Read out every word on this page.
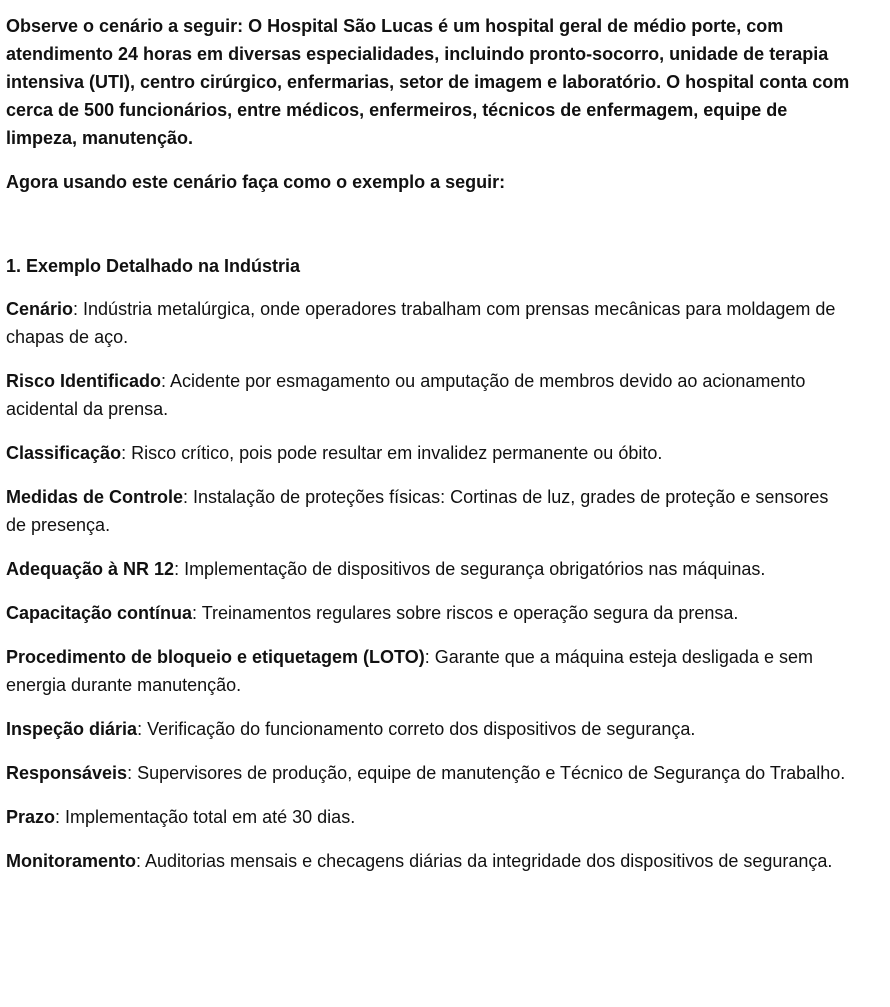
Observe o cenário a seguir: O Hospital São Lucas é um hospital geral de médio porte, com atendimento 24 horas em diversas especialidades, incluindo pronto-socorro, unidade de terapia intensiva (UTI), centro cirúrgico, enfermarias, setor de imagem e laboratório. O hospital conta com cerca de 500 funcionários, entre médicos, enfermeiros, técnicos de enfermagem, equipe de limpeza, manutenção.

Agora usando este cenário faça como o exemplo a seguir:

1. Exemplo Detalhado na Indústria

Cenário: Indústria metalúrgica, onde operadores trabalham com prensas mecânicas para moldagem de chapas de aço.

Risco Identificado: Acidente por esmagamento ou amputação de membros devido ao acionamento acidental da prensa.

Classificação: Risco crítico, pois pode resultar em invalidez permanente ou óbito.

Medidas de Controle: Instalação de proteções físicas: Cortinas de luz, grades de proteção e sensores de presença.

Adequação à NR 12: Implementação de dispositivos de segurança obrigatórios nas máquinas.

Capacitação contínua: Treinamentos regulares sobre riscos e operação segura da prensa.

Procedimento de bloqueio e etiquetagem (LOTO): Garante que a máquina esteja desligada e sem energia durante manutenção.

Inspeção diária: Verificação do funcionamento correto dos dispositivos de segurança.

Responsáveis: Supervisores de produção, equipe de manutenção e Técnico de Segurança do Trabalho.

Prazo: Implementação total em até 30 dias.

Monitoramento: Auditorias mensais e checagens diárias da integridade dos dispositivos de segurança.
